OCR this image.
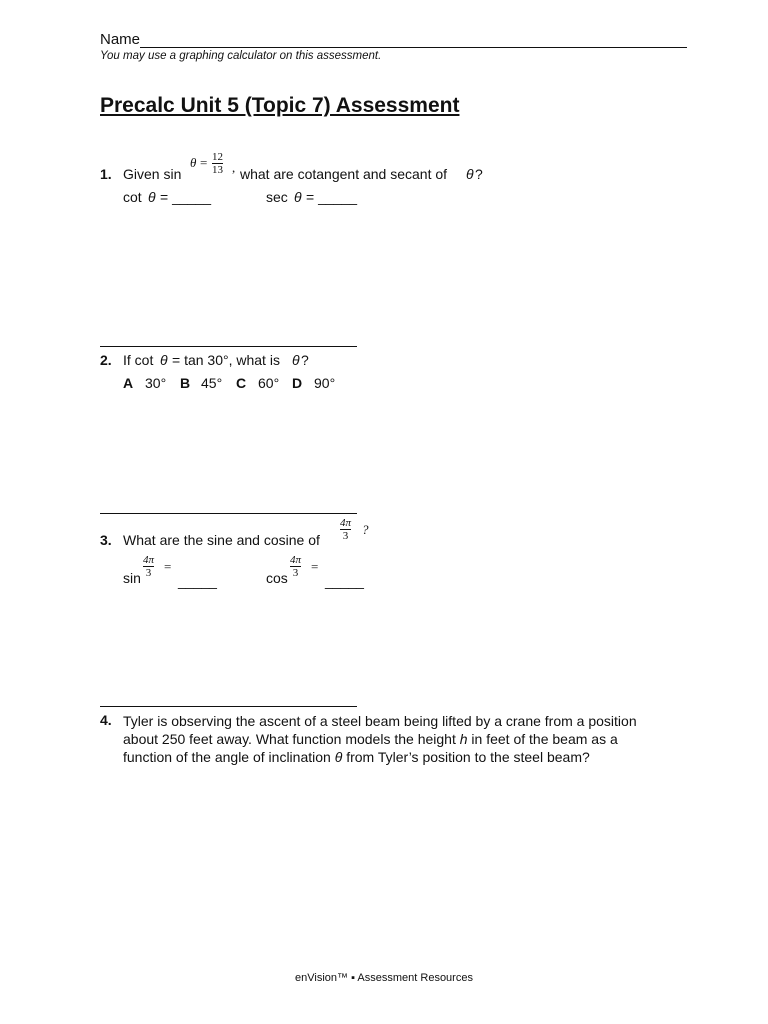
Name
You may use a graphing calculator on this assessment.
Precalc Unit 5 (Topic 7) Assessment
1. Given sin
$\theta = \frac{12}{13}$ , what are cotangent and secant of θ ?
cot θ = _____	sec θ = _____
2. If cot θ = tan 30°, what is θ ?
A 30° B 45° C 60° D 90°
3. What are the sine and cosine of $\frac{4\pi}{3}$ ?
$\sin \frac{4\pi}{3}$ =
_____	$\cos \frac{4\pi}{3}$ =
_____
4. Tyler is observing the ascent of a steel beam being lifted by a crane from a position about 250 feet away. What function models the height h in feet of the beam as a function of the angle of inclination θ from Tyler’s position to the steel beam?
enVision™ ▪ Assessment Resources
